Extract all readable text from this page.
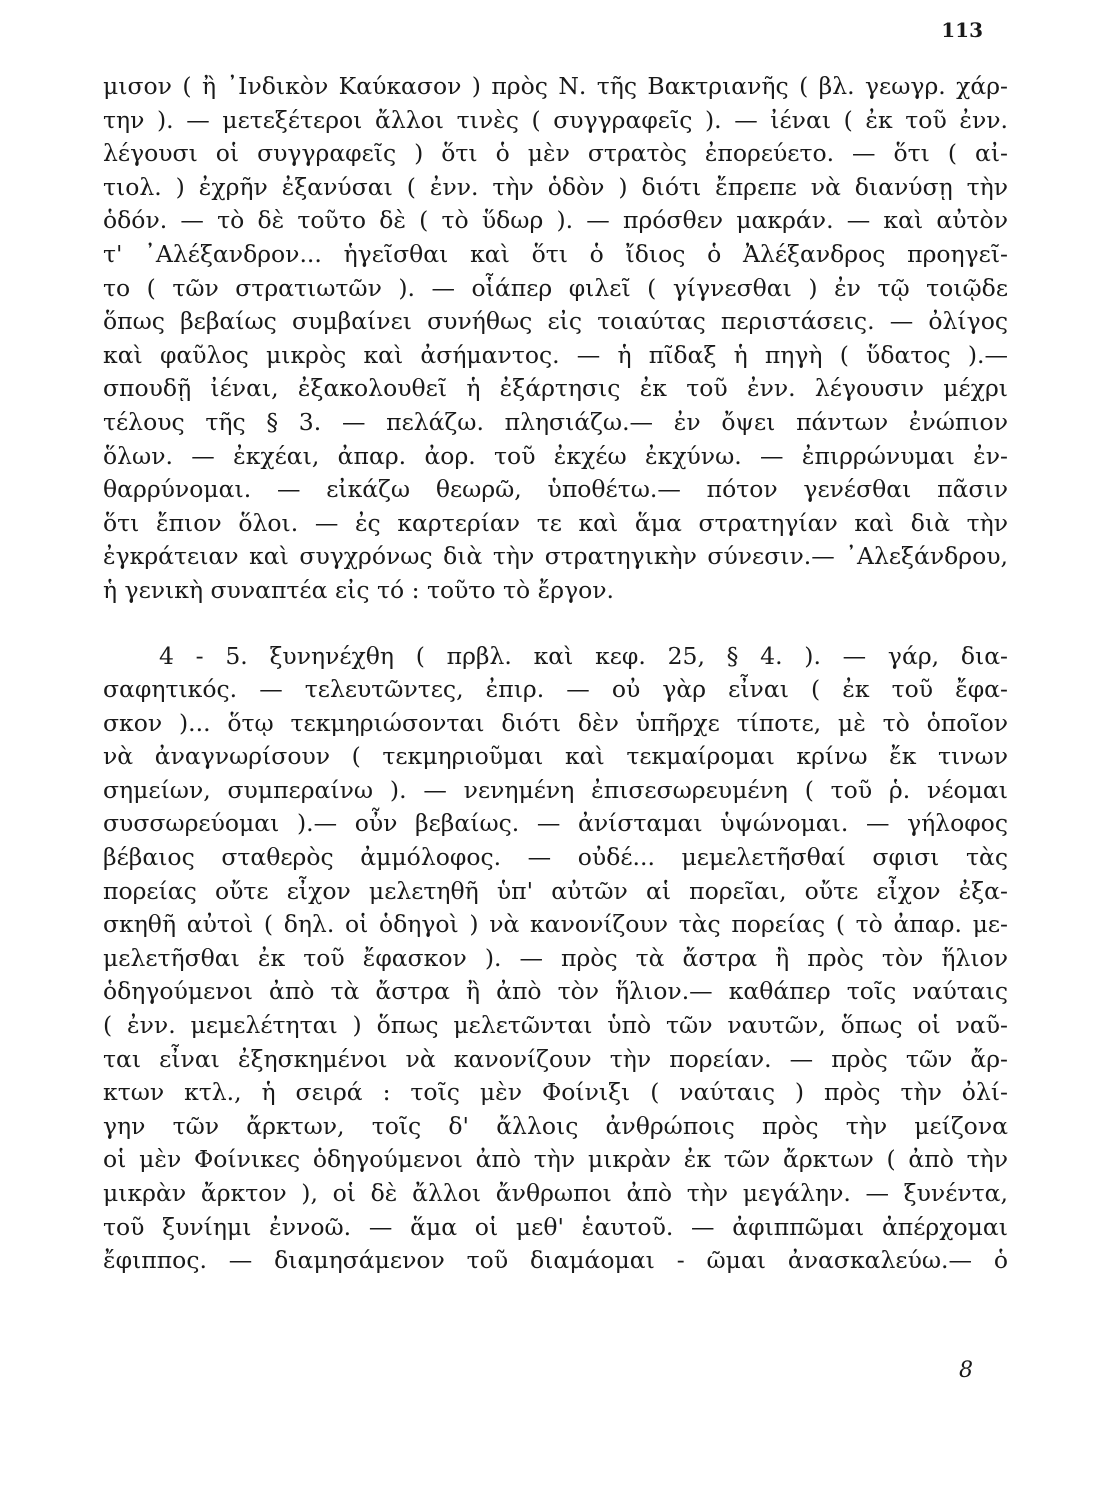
113
μισον ( ἢ ᾿Ινδικὸν Καύκασον ) πρὸς Ν. τῆς Βακτριανῆς ( βλ. γεωγρ. χάρ-
την ). — μετεξέτεροι ἄλλοι τινὲς ( συγγραφεῖς ). — ἰέναι ( ἐκ τοῦ ἐνν.
λέγουσι οἱ συγγραφεῖς ) ὅτι ὁ μὲν στρατὸς ἐπορεύετο. — ὅτι ( αἰ-
τιολ. ) ἐχρῆν ἐξανύσαι ( ἐνν. τὴν ὁδὸν ) διότι ἔπρεπε νὰ διανύσῃ τὴν
ὁδόν. — τὸ δὲ τοῦτο δὲ ( τὸ ὕδωρ ). — πρόσθεν μακράν. — καὶ αὐτὸν
τ' ᾿Αλέξανδρον... ἡγεῖσθαι καὶ ὅτι ὁ ἴδιος ὁ Ἀλέξανδρος προηγεῖ-
το ( τῶν στρατιωτῶν ). — οἷάπερ φιλεῖ ( γίγνεσθαι ) ἐν τῷ τοιῷδε
ὅπως βεβαίως συμβαίνει συνήθως εἰς τοιαύτας περιστάσεις. — ὀλίγος
καὶ φαῦλος μικρὸς καὶ ἀσήμαντος. — ἡ πῖδαξ ἡ πηγὴ ( ὕδατος ).—
σπουδῇ ἰέναι, ἐξακολουθεῖ ἡ ἐξάρτησις ἐκ τοῦ ἐνν. λέγουσιν μέχρι
τέλους τῆς § 3. — πελάζω. πλησιάζω.— ἐν ὄψει πάντων ἐνώπιον
ὅλων. — ἐκχέαι, ἀπαρ. ἀορ. τοῦ ἐκχέω ἐκχύνω. — ἐπιρρώνυμαι ἐν-
θαρρύνομαι. — εἰκάζω θεωρῶ, ὑποθέτω.— πότον γενέσθαι πᾶσιν
ὅτι ἔπιον ὅλοι. — ἐς καρτερίαν τε καὶ ἅμα στρατηγίαν καὶ διὰ τὴν
ἐγκράτειαν καὶ συγχρόνως διὰ τὴν στρατηγικὴν σύνεσιν.— ᾿Αλεξάνδρου,
ἡ γενικὴ συναπτέα εἰς τό : τοῦτο τὸ ἔργον.
4 - 5. ξυνηνέχθη ( πρβλ. καὶ κεφ. 25, § 4. ). — γάρ, δια-
σαφητικός. — τελευτῶντες, ἐπιρ. — οὐ γὰρ εἶναι ( ἐκ τοῦ ἔφα-
σκον )... ὅτῳ τεκμηριώσονται διότι δὲν ὑπῆρχε τίποτε, μὲ τὸ ὁποῖον
νὰ ἀναγνωρίσουν ( τεκμηριοῦμαι καὶ τεκμαίρομαι κρίνω ἔκ τινων
σημείων, συμπεραίνω ). — νενημένη ἐπισεσωρευμένη ( τοῦ ῥ. νέομαι
συσσωρεύομαι ).— οὖν βεβαίως. — ἀνίσταμαι ὑψώνομαι. — γήλοφος
βέβαιος σταθερὸς ἀμμόλοφος. — οὐδέ... μεμελετῆσθαί σφισι τὰς
πορείας οὔτε εἶχον μελετηθῆ ὑπ' αὐτῶν αἱ πορεῖαι, οὔτε εἶχον ἐξα-
σκηθῆ αὐτοὶ ( δηλ. οἱ ὁδηγοὶ ) νὰ κανονίζουν τὰς πορείας ( τὸ ἀπαρ. με-
μελετῆσθαι ἐκ τοῦ ἔφασκον ). — πρὸς τὰ ἄστρα ἢ πρὸς τὸν ἥλιον
ὁδηγούμενοι ἀπὸ τὰ ἄστρα ἢ ἀπὸ τὸν ἥλιον.— καθάπερ τοῖς ναύταις
( ἐνν. μεμελέτηται ) ὅπως μελετῶνται ὑπὸ τῶν ναυτῶν, ὅπως οἱ ναῦ-
ται εἶναι ἐξησκημένοι νὰ κανονίζουν τὴν πορείαν. — πρὸς τῶν ἄρ-
κτων κτλ., ἡ σειρά : τοῖς μὲν Φοίνιξι ( ναύταις ) πρὸς τὴν ὀλί-
γην τῶν ἄρκτων, τοῖς δ' ἄλλοις ἀνθρώποις πρὸς τὴν μείζονα
οἱ μὲν Φοίνικες ὁδηγούμενοι ἀπὸ τὴν μικρὰν ἐκ τῶν ἄρκτων ( ἀπὸ τὴν
μικρὰν ἄρκτον ), οἱ δὲ ἄλλοι ἄνθρωποι ἀπὸ τὴν μεγάλην. — ξυνέντα,
τοῦ ξυνίημι ἐννοῶ. — ἅμα οἱ μεθ' ἑαυτοῦ. — ἀφιππῶμαι ἀπέρχομαι
ἔφιππος. — διαμησάμενον τοῦ διαμάομαι - ῶμαι ἀνασκαλεύω.— ὁ
8
